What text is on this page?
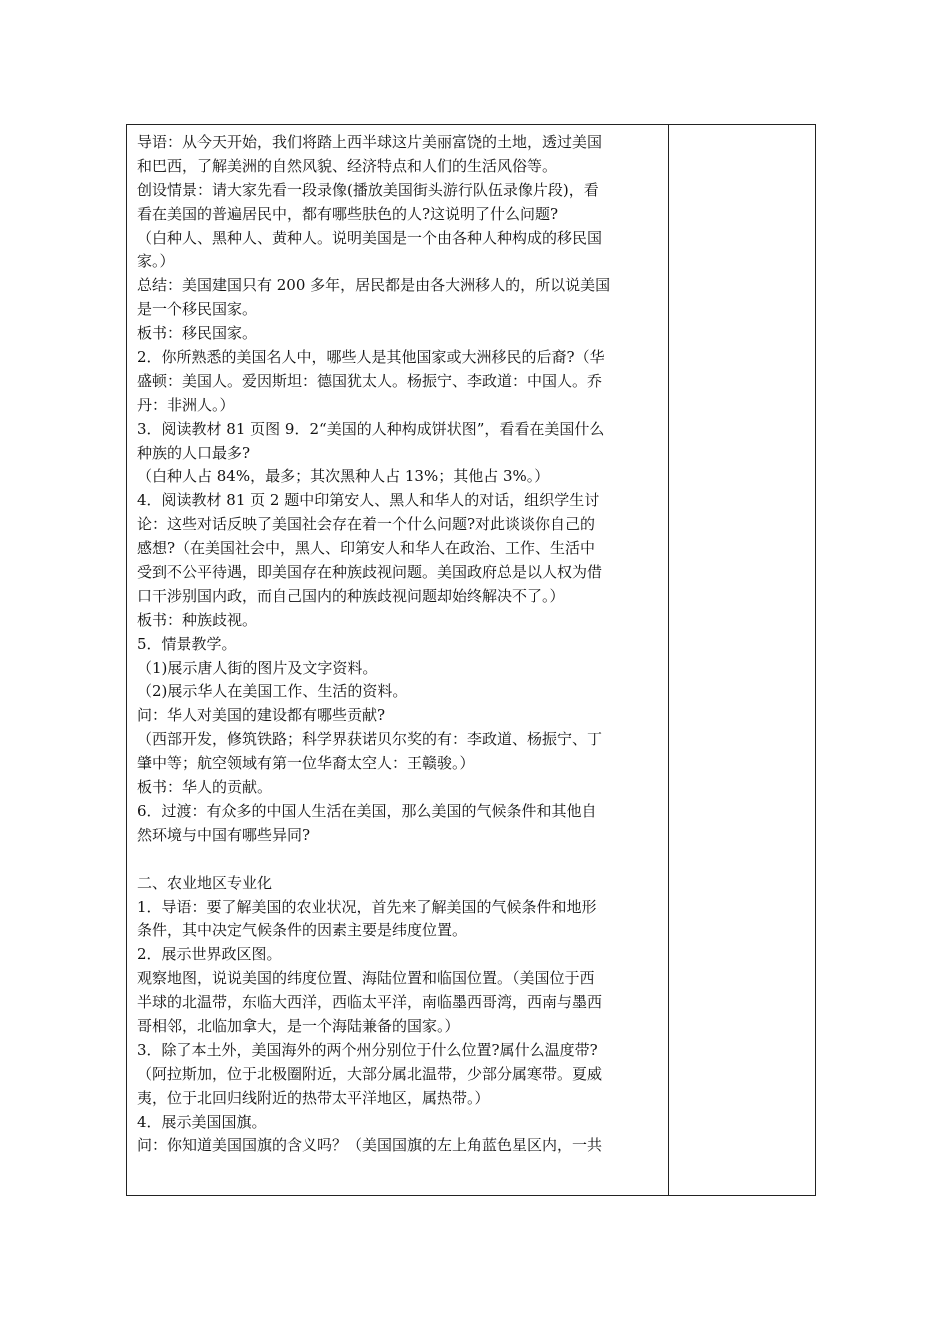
导语：从今天开始，我们将踏上西半球这片美丽富饶的土地，透过美国
和巴西，了解美洲的自然风貌、经济特点和人们的生活风俗等。
创设情景：请大家先看一段录像(播放美国街头游行队伍录像片段)，看
看在美国的普遍居民中，都有哪些肤色的人?这说明了什么问题?
（白种人、黑种人、黄种人。说明美国是一个由各种人种构成的移民国
家。）
总结：美国建国只有 200 多年，居民都是由各大洲移人的，所以说美国
是一个移民国家。
板书：移民国家。
2．你所熟悉的美国名人中，哪些人是其他国家或大洲移民的后裔?（华
盛顿：美国人。爱因斯坦：德国犹太人。杨振宁、李政道：中国人。乔
丹：非洲人。）
3．阅读教材 81 页图 9．2“美国的人种构成饼状图”，看看在美国什么
种族的人口最多?
（白种人占 84%，最多；其次黑种人占 13%；其他占 3%。）
4．阅读教材 81 页 2 题中印第安人、黑人和华人的对话，组织学生讨
论：这些对话反映了美国社会存在着一个什么问题?对此谈谈你自己的
感想?（在美国社会中，黑人、印第安人和华人在政治、工作、生活中
受到不公平待遇，即美国存在种族歧视问题。美国政府总是以人权为借
口干涉别国内政，而自己国内的种族歧视问题却始终解决不了。）
板书：种族歧视。
5．情景教学。
（1)展示唐人街的图片及文字资料。
（2)展示华人在美国工作、生活的资料。
问：华人对美国的建设都有哪些贡献?
（西部开发，修筑铁路；科学界获诺贝尔奖的有：李政道、杨振宁、丁
肇中等；航空领域有第一位华裔太空人：王赣骏。）
板书：华人的贡献。
6．过渡：有众多的中国人生活在美国，那么美国的气候条件和其他自
然环境与中国有哪些异同?
二、农业地区专业化
1．导语：要了解美国的农业状况，首先来了解美国的气候条件和地形
条件，其中决定气候条件的因素主要是纬度位置。
2．展示世界政区图。
观察地图，说说美国的纬度位置、海陆位置和临国位置。（美国位于西
半球的北温带，东临大西洋，西临太平洋，南临墨西哥湾，西南与墨西
哥相邻，北临加拿大，是一个海陆兼备的国家。）
3．除了本土外，美国海外的两个州分别位于什么位置?属什么温度带?
（阿拉斯加，位于北极圈附近，大部分属北温带，少部分属寒带。夏威
夷，位于北回归线附近的热带太平洋地区，属热带。）
4．展示美国国旗。
问：你知道美国国旗的含义吗？（美国国旗的左上角蓝色星区内，一共
